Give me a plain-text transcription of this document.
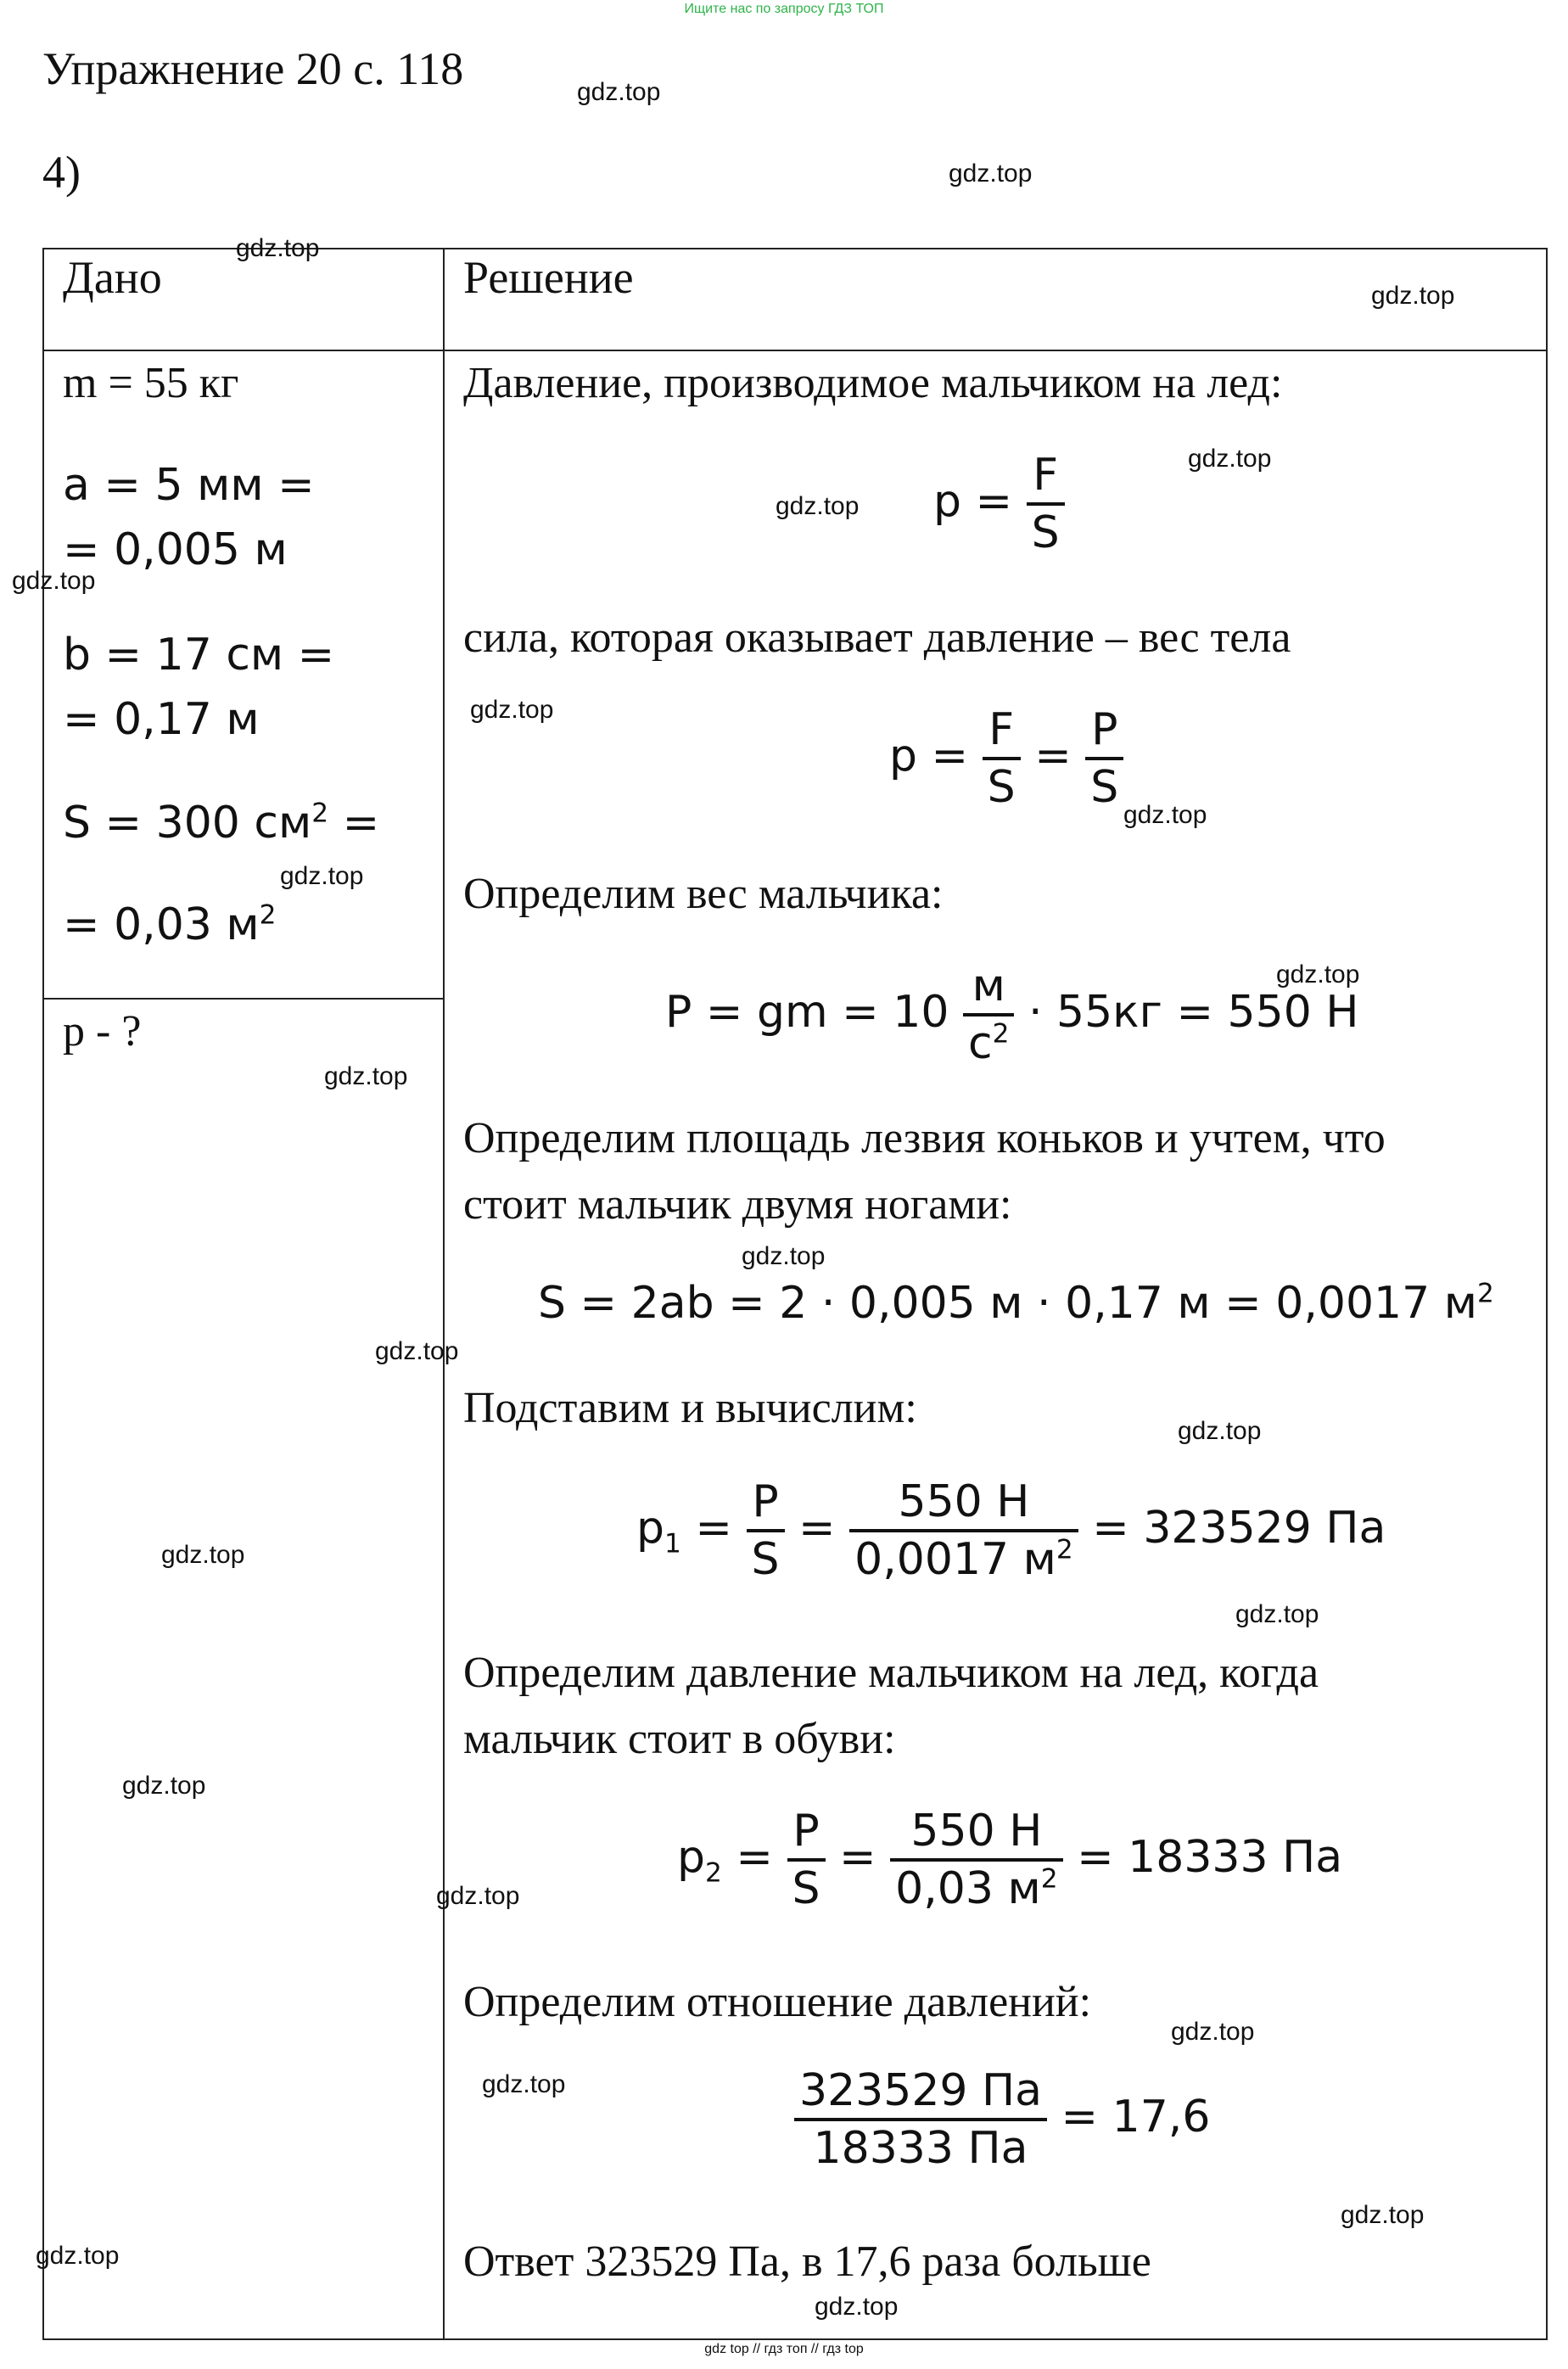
Ищите нас по запросу ГДЗ ТОП
Упражнение 20 с. 118
4)
Дано	Решение
m = 55 кг
a = 5 мм =
= 0,005 м
b = 17 см =
= 0,17 м
S = 300 $см^2$ =
= 0,03 $м^2$
p - ?
Давление, производимое мальчиком на лед:
$p = \frac{F}{S}$
сила, которая оказывает давление – вес тела
$p = \frac{F}{S} = \frac{P}{S}$
Определим вес мальчика:
P = gm = $10 \frac{м}{с^2} \cdot 55кг = 550$ Н
Определим площадь лезвия коньков и учтем, что
стоит мальчик двумя ногами:
S = 2ab = 2 · 0,005 м · 0,17 м = 0,0017 $м^2$
Подставим и вычислим:
$p_1 = \frac{P}{S} = \frac{550 Н}{0,0017 м^2} = 323529$ Па
Определим давление мальчиком на лед, когда
мальчик стоит в обуви:
$p_2 = \frac{P}{S} = \frac{550 Н}{0,03 м^2} = 18333$ Па
Определим отношение давлений:
$\frac{323529 Па}{18333 Па} = 17,6$
Ответ 323529 Па, в 17,6 раза больше
gdz.top
gdz.top
gdz.top
gdz.top
gdz.top
gdz.top
gdz.top
gdz.top
gdz.top
gdz.top
gdz.top
gdz.top
gdz.top
gdz.top
gdz.top
gdz.top
gdz.top
gdz.top
gdz.top
gdz.top
gdz.top
gdz.top
gdz.top
gdz.top
gdz top // гдз топ // гдз top
